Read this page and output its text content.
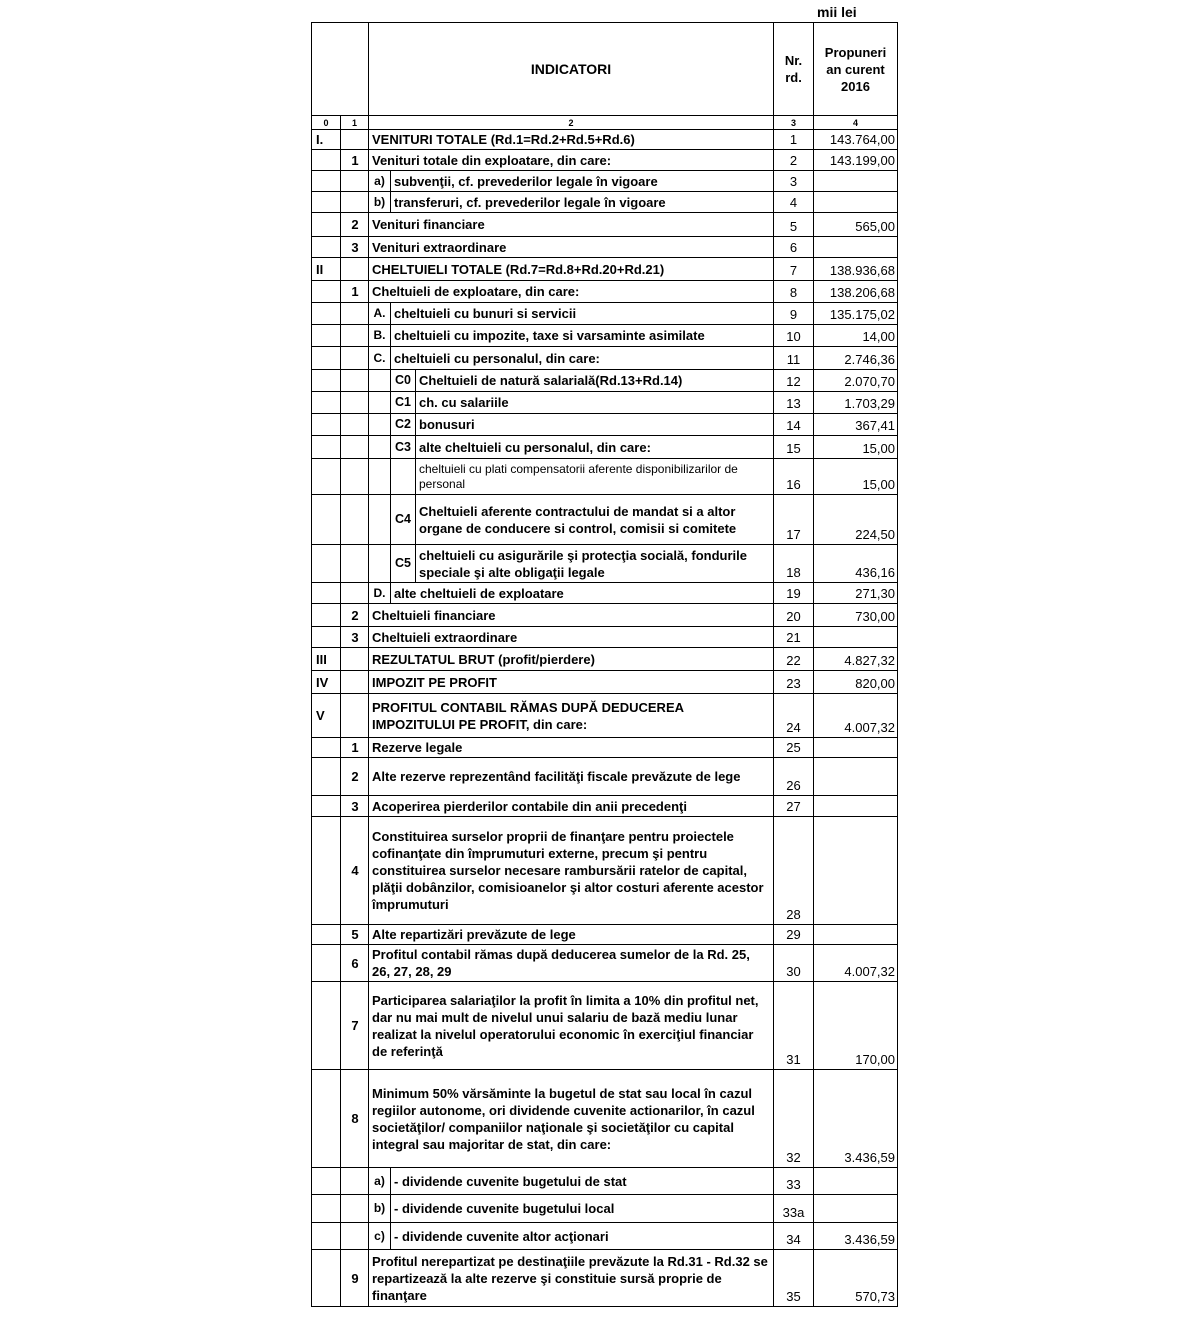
mii lei
		INDICATORI			Nr. rd.	Propuneri an curent 2016
0	1	2			3	4
I.		VENITURI TOTALE (Rd.1=Rd.2+Rd.5+Rd.6)			1	143.764,00
	1	Venituri totale din exploatare, din care:			2	143.199,00
		a)	subvenţii, cf. prevederilor legale în vigoare		3	
		b)	transferuri, cf. prevederilor legale în vigoare		4	
	2	Venituri financiare			5	565,00
	3	Venituri extraordinare			6	
II		CHELTUIELI TOTALE (Rd.7=Rd.8+Rd.20+Rd.21)			7	138.936,68
	1	Cheltuieli de exploatare, din care:			8	138.206,68
		A.	cheltuieli cu bunuri si servicii		9	135.175,02
		B.	cheltuieli cu impozite, taxe si varsaminte asimilate		10	14,00
		C.	cheltuieli cu personalul, din care:		11	2.746,36
			C0	Cheltuieli de natură salarială(Rd.13+Rd.14)	12	2.070,70
			C1	ch. cu salariile	13	1.703,29
			C2	bonusuri	14	367,41
			C3	alte cheltuieli cu personalul, din care:	15	15,00
				cheltuieli cu plati compensatorii aferente disponibilizarilor de personal	16	15,00
			C4	Cheltuieli aferente contractului de mandat si a altor organe de conducere si control, comisii si comitete	17	224,50
			C5	cheltuieli cu asigurările şi protecţia socială, fondurile speciale şi alte obligaţii legale	18	436,16
		D.	alte cheltuieli de exploatare		19	271,30
	2	Cheltuieli financiare			20	730,00
	3	Cheltuieli extraordinare			21	
III		REZULTATUL BRUT (profit/pierdere)			22	4.827,32
IV		IMPOZIT PE PROFIT			23	820,00
V		PROFITUL CONTABIL RĂMAS DUPĂ DEDUCEREA IMPOZITULUI PE PROFIT, din care:			24	4.007,32
	1	Rezerve legale			25	
	2	Alte rezerve reprezentând facilităţi fiscale prevăzute de lege			26	
	3	Acoperirea pierderilor contabile din anii precedenţi			27	
	4	Constituirea surselor proprii de finanţare pentru proiectele cofinanţate din împrumuturi externe, precum şi pentru constituirea surselor necesare rambursării ratelor de capital, plăţii dobânzilor, comisioanelor şi altor costuri aferente acestor împrumuturi			28	
	5	Alte repartizări prevăzute de lege			29	
	6	Profitul contabil rămas după deducerea sumelor de la Rd. 25, 26, 27, 28, 29			30	4.007,32
	7	Participarea salariaţilor la profit în limita a 10% din profitul net, dar nu mai mult de nivelul unui salariu de bază mediu lunar realizat la nivelul operatorului economic în exerciţiul financiar de referinţă			31	170,00
	8	Minimum 50% vărsăminte la bugetul de stat sau local în cazul regiilor autonome, ori dividende cuvenite actionarilor, în cazul societăţilor/ companiilor naţionale şi societăţilor cu capital integral sau majoritar de stat, din care:			32	3.436,59
		a)	- dividende cuvenite bugetului de stat		33	
		b)	- dividende cuvenite bugetului local		33a	
		c)	- dividende cuvenite altor acţionari		34	3.436,59
	9	Profitul nerepartizat pe destinaţiile prevăzute la Rd.31 - Rd.32 se repartizează la alte rezerve şi constituie sursă proprie de finanţare			35	570,73
